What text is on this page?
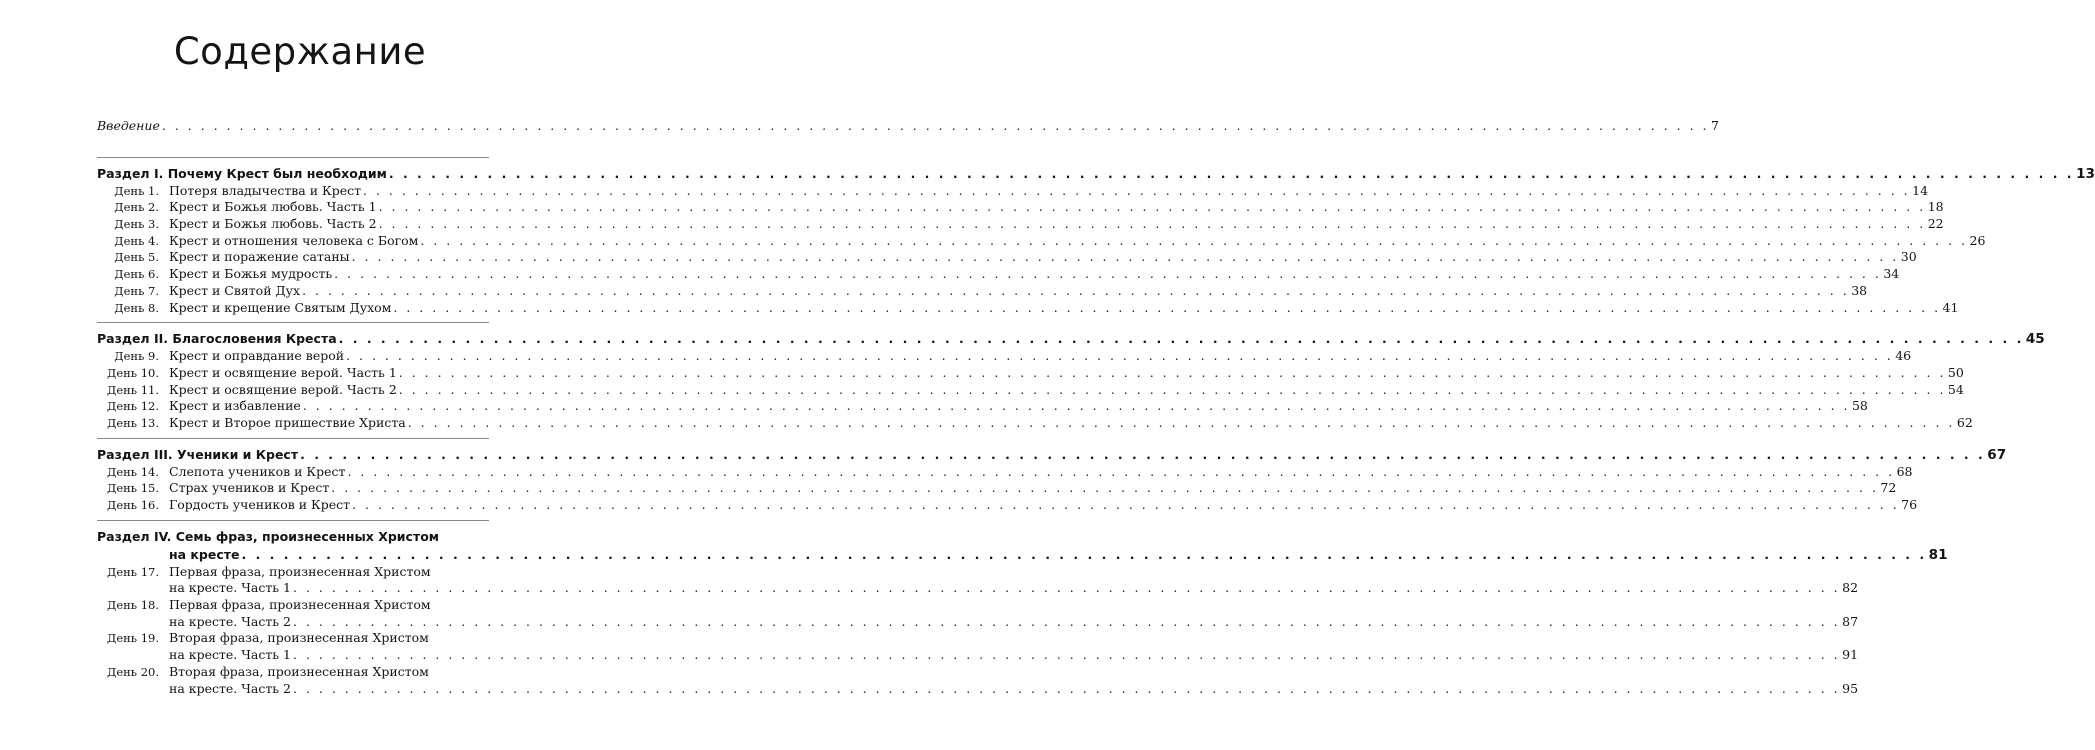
Содержание
Введение . . . . . . . . . . . . . . . . . . . . . . . . . . . . . . . . . . . . . . . . . . . . . . . . . . . . . . . . . . . . . . . . . . . . . . . . . . . . . . . . . . . . . . . . . . . . . . . . . . . . . . . . . . . . . . . . . . . . . . . . 7
Раздел I. Почему Крест был необходим . . . . . . . . . . . . . . . . . . . . . . . . . . . . . . . . . . . . . . . . . . . . . . . . . . . . . . . . . . . . . . . . . . . . . . . . . . . . . . . . . . . . . . . . . . . . . . . . . . . . . . . . . . . . . . . . . . . . . . . . 13
День 1. Потеря владычества и Крест . . . . . . . . . . . . . . . . . . . . . . . . . . . . . . . . . . . . . . . . . . . . . . . . . . . . . . . . . . . . . . . . . . . . . . . . . . . . . . . . . . . . . . . . . . . . . . . . . . . . . . . . . . . . . . . . . . . . . . . . 14
День 2. Крест и Божья любовь. Часть 1 . . . . . . . . . . . . . . . . . . . . . . . . . . . . . . . . . . . . . . . . . . . . . . . . . . . . . . . . . . . . . . . . . . . . . . . . . . . . . . . . . . . . . . . . . . . . . . . . . . . . . . . . . . . . . . . . . . . . . . . . 18
День 3. Крест и Божья любовь. Часть 2 . . . . . . . . . . . . . . . . . . . . . . . . . . . . . . . . . . . . . . . . . . . . . . . . . . . . . . . . . . . . . . . . . . . . . . . . . . . . . . . . . . . . . . . . . . . . . . . . . . . . . . . . . . . . . . . . . . . . . . . . 22
День 4. Крест и отношения человека с Богом . . . . . . . . . . . . . . . . . . . . . . . . . . . . . . . . . . . . . . . . . . . . . . . . . . . . . . . . . . . . . . . . . . . . . . . . . . . . . . . . . . . . . . . . . . . . . . . . . . . . . . . . . . . . . . . . . . . . . . . . 26
День 5. Крест и поражение сатаны . . . . . . . . . . . . . . . . . . . . . . . . . . . . . . . . . . . . . . . . . . . . . . . . . . . . . . . . . . . . . . . . . . . . . . . . . . . . . . . . . . . . . . . . . . . . . . . . . . . . . . . . . . . . . . . . . . . . . . . . 30
День 6. Крест и Божья мудрость . . . . . . . . . . . . . . . . . . . . . . . . . . . . . . . . . . . . . . . . . . . . . . . . . . . . . . . . . . . . . . . . . . . . . . . . . . . . . . . . . . . . . . . . . . . . . . . . . . . . . . . . . . . . . . . . . . . . . . . . 34
День 7. Крест и Святой Дух . . . . . . . . . . . . . . . . . . . . . . . . . . . . . . . . . . . . . . . . . . . . . . . . . . . . . . . . . . . . . . . . . . . . . . . . . . . . . . . . . . . . . . . . . . . . . . . . . . . . . . . . . . . . . . . . . . . . . . . . 38
День 8. Крест и крещение Святым Духом . . . . . . . . . . . . . . . . . . . . . . . . . . . . . . . . . . . . . . . . . . . . . . . . . . . . . . . . . . . . . . . . . . . . . . . . . . . . . . . . . . . . . . . . . . . . . . . . . . . . . . . . . . . . . . . . . . . . . . . . 41
Раздел II. Благословения Креста . . . . . . . . . . . . . . . . . . . . . . . . . . . . . . . . . . . . . . . . . . . . . . . . . . . . . . . . . . . . . . . . . . . . . . . . . . . . . . . . . . . . . . . . . . . . . . . . . . . . . . . . . . . . . . . . . . . . . . . . 45
День 9. Крест и оправдание верой . . . . . . . . . . . . . . . . . . . . . . . . . . . . . . . . . . . . . . . . . . . . . . . . . . . . . . . . . . . . . . . . . . . . . . . . . . . . . . . . . . . . . . . . . . . . . . . . . . . . . . . . . . . . . . . . . . . . . . . . 46
День 10. Крест и освящение верой. Часть 1 . . . . . . . . . . . . . . . . . . . . . . . . . . . . . . . . . . . . . . . . . . . . . . . . . . . . . . . . . . . . . . . . . . . . . . . . . . . . . . . . . . . . . . . . . . . . . . . . . . . . . . . . . . . . . . . . . . . . . . . . 50
День 11. Крест и освящение верой. Часть 2 . . . . . . . . . . . . . . . . . . . . . . . . . . . . . . . . . . . . . . . . . . . . . . . . . . . . . . . . . . . . . . . . . . . . . . . . . . . . . . . . . . . . . . . . . . . . . . . . . . . . . . . . . . . . . . . . . . . . . . . . 54
День 12. Крест и избавление . . . . . . . . . . . . . . . . . . . . . . . . . . . . . . . . . . . . . . . . . . . . . . . . . . . . . . . . . . . . . . . . . . . . . . . . . . . . . . . . . . . . . . . . . . . . . . . . . . . . . . . . . . . . . . . . . . . . . . . . 58
День 13. Крест и Второе пришествие Христа . . . . . . . . . . . . . . . . . . . . . . . . . . . . . . . . . . . . . . . . . . . . . . . . . . . . . . . . . . . . . . . . . . . . . . . . . . . . . . . . . . . . . . . . . . . . . . . . . . . . . . . . . . . . . . . . . . . . . . . . 62
Раздел III. Ученики и Крест . . . . . . . . . . . . . . . . . . . . . . . . . . . . . . . . . . . . . . . . . . . . . . . . . . . . . . . . . . . . . . . . . . . . . . . . . . . . . . . . . . . . . . . . . . . . . . . . . . . . . . . . . . . . . . . . . . . . . . . . 67
День 14. Слепота учеников и Крест . . . . . . . . . . . . . . . . . . . . . . . . . . . . . . . . . . . . . . . . . . . . . . . . . . . . . . . . . . . . . . . . . . . . . . . . . . . . . . . . . . . . . . . . . . . . . . . . . . . . . . . . . . . . . . . . . . . . . . . . 68
День 15. Страх учеников и Крест . . . . . . . . . . . . . . . . . . . . . . . . . . . . . . . . . . . . . . . . . . . . . . . . . . . . . . . . . . . . . . . . . . . . . . . . . . . . . . . . . . . . . . . . . . . . . . . . . . . . . . . . . . . . . . . . . . . . . . . . 72
День 16. Гордость учеников и Крест . . . . . . . . . . . . . . . . . . . . . . . . . . . . . . . . . . . . . . . . . . . . . . . . . . . . . . . . . . . . . . . . . . . . . . . . . . . . . . . . . . . . . . . . . . . . . . . . . . . . . . . . . . . . . . . . . . . . . . . . 76
Раздел IV. Семь фраз, произнесенных Христом
на кресте . . . . . . . . . . . . . . . . . . . . . . . . . . . . . . . . . . . . . . . . . . . . . . . . . . . . . . . . . . . . . . . . . . . . . . . . . . . . . . . . . . . . . . . . . . . . . . . . . . . . . . . . . . . . . . . . . . . . . . . . 81
День 17. Первая фраза, произнесенная Христом
на кресте. Часть 1 . . . . . . . . . . . . . . . . . . . . . . . . . . . . . . . . . . . . . . . . . . . . . . . . . . . . . . . . . . . . . . . . . . . . . . . . . . . . . . . . . . . . . . . . . . . . . . . . . . . . . . . . . . . . . . . . . . . . . . . . 82
День 18. Первая фраза, произнесенная Христом
на кресте. Часть 2 . . . . . . . . . . . . . . . . . . . . . . . . . . . . . . . . . . . . . . . . . . . . . . . . . . . . . . . . . . . . . . . . . . . . . . . . . . . . . . . . . . . . . . . . . . . . . . . . . . . . . . . . . . . . . . . . . . . . . . . . 87
День 19. Вторая фраза, произнесенная Христом
на кресте. Часть 1 . . . . . . . . . . . . . . . . . . . . . . . . . . . . . . . . . . . . . . . . . . . . . . . . . . . . . . . . . . . . . . . . . . . . . . . . . . . . . . . . . . . . . . . . . . . . . . . . . . . . . . . . . . . . . . . . . . . . . . . . 91
День 20. Вторая фраза, произнесенная Христом
на кресте. Часть 2 . . . . . . . . . . . . . . . . . . . . . . . . . . . . . . . . . . . . . . . . . . . . . . . . . . . . . . . . . . . . . . . . . . . . . . . . . . . . . . . . . . . . . . . . . . . . . . . . . . . . . . . . . . . . . . . . . . . . . . . . 95
